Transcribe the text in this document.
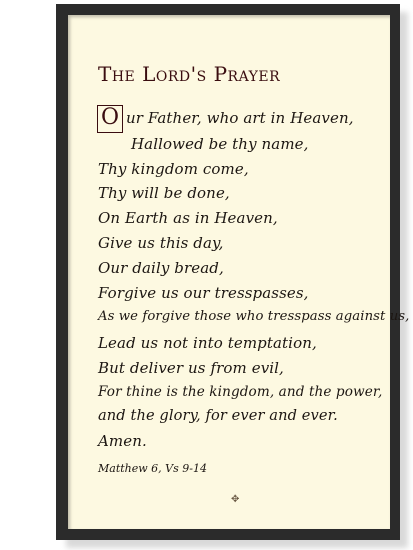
The Lord's Prayer
O ur Father, who art in Heaven,
Hallowed be thy name,
Thy kingdom come,
Thy will be done,
On Earth as in Heaven,
Give us this day,
Our daily bread,
Forgive us our tresspasses,
As we forgive those who tresspass against us,
Lead us not into temptation,
But deliver us from evil,
For thine is the kingdom, and the power,
and the glory, for ever and ever.
Amen.
Matthew 6, Vs 9-14
✥
